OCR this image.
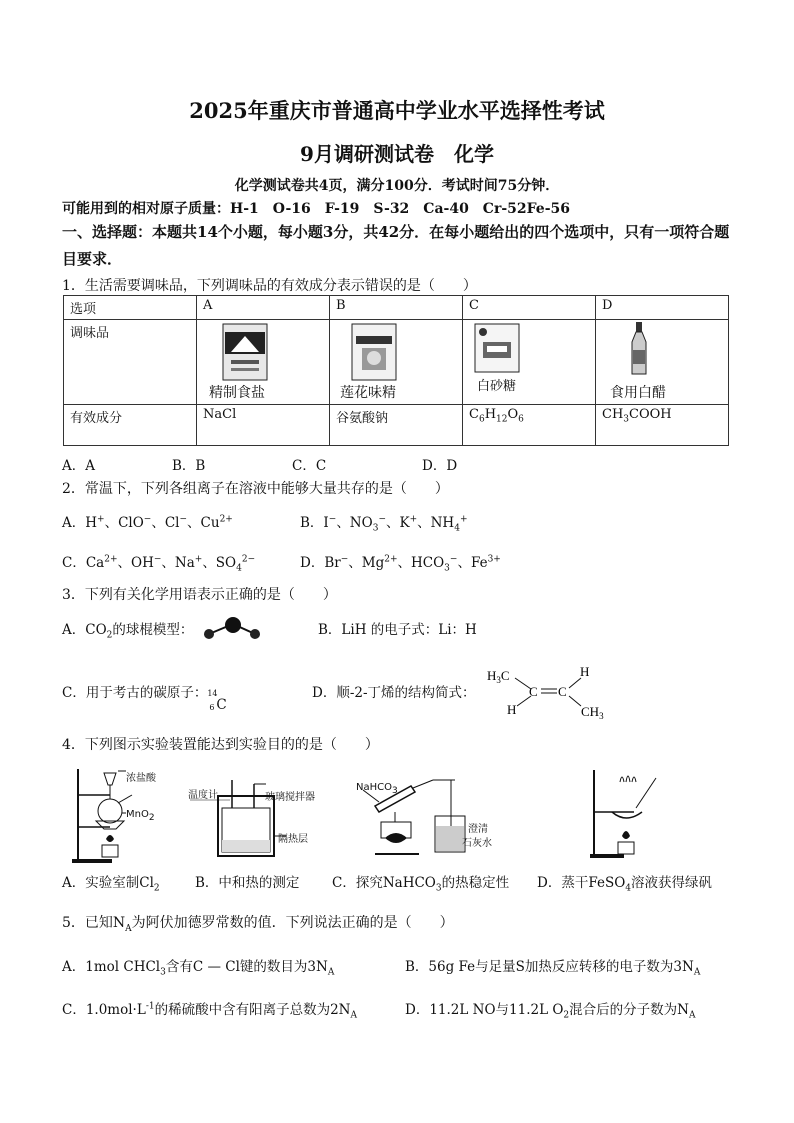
2025年重庆市普通高中学业水平选择性考试
9月调研测试卷　化学
化学测试卷共4页，满分100分．考试时间75分钟．
可能用到的相对原子质量：H-1　O-16　F-19　S-32　Ca-40　Cr-52Fe-56
一、选择题：本题共14个小题，每小题3分，共42分．在每小题给出的四个选项中，只有一项符合题目要求．
1．生活需要调味品，下列调味品的有效成分表示错误的是（　　）
选项	A	B	C	D
调味品	精制食盐	莲花味精	白砂糖	食用白醋

有效成分	NaCl	谷氨酸钠	$C_6H_{12}O_6$	$CH_3COOH$
A．A	B．B	C．C	D．D
2．常温下，下列各组离子在溶液中能够大量共存的是（　　）
A．H+、ClO−、Cl−、$Cu^{2+}$	B．I−、$NO_3^-$、K+、$NH_4^+$
C．$Ca^{2+}$、OH−、Na+、$SO_4^{2-}$	D．Br−、$Mg^{2+}$、$HCO_3^-$、$Fe^{3+}$
3．下列有关化学用语表示正确的是（　　）
A．$CO_2$的球棍模型：	B．LiH 的电子式：Li：H
C．用于考古的碳原子： 14
6 C
D．顺-2-丁烯的结构简式：
$H_3C$
C C
H
H	$CH_3$
4．下列图示实验装置能达到实验目的的是（　　）
浓盐酸
MnO$_2$
温度计	玻璃搅拌器
隔热层
NaHCO$_3$
澄清
石灰水
A．实验室制$Cl_2$	B．中和热的测定 C．探究NaHCO$_3$的热稳定性 D．蒸干FeSO$_4$溶液获得绿矾
5．已知$N_A$为阿伏加德罗常数的值．下列说法正确的是（　　）
A．1mol CHCl$_3$含有C — Cl键的数目为$3N_A$	B．56g Fe与足量S加热反应转移的电子数为$3N_A$
C．$1.0mol\cdot L^{-1}$的稀硫酸中含有阳离子总数为$2N_A$	D．11.2L NO与11.2L $O_2$混合后的分子数为$N_A$
